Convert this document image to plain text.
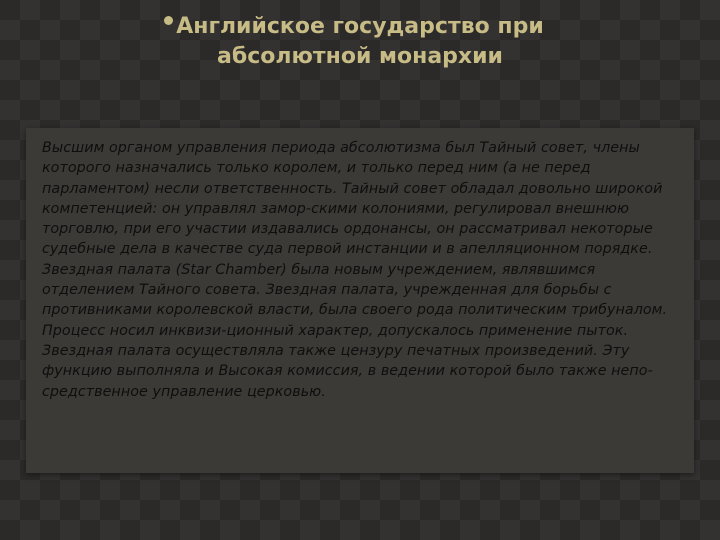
Английское государство при
абсолютной монархии

Высшим органом управления периода абсолютизма был Тайный совет, члены которого назначались только королем, и только перед ним (а не перед парламентом) несли ответственность. Тайный совет обладал довольно широкой компетенцией: он управлял замор-скими колониями, регулировал внешнюю торговлю, при его участии издавались ордонансы, он рассматривал некоторые судебные дела в качестве суда первой инстанции и в апелляционном порядке. Звездная палата (Star Chamber) была новым учреждением, являвшимся отделением Тайного совета. Звездная палата, учрежденная для борьбы с противниками королевской власти, была своего рода политическим трибуналом. Процесс носил инквизи-ционный характер, допускалось применение пыток. Звездная палата осуществляла также цензуру печатных произведений. Эту функцию выполняла и Высокая комиссия, в ведении которой было также непо-средственное управление церковью.
